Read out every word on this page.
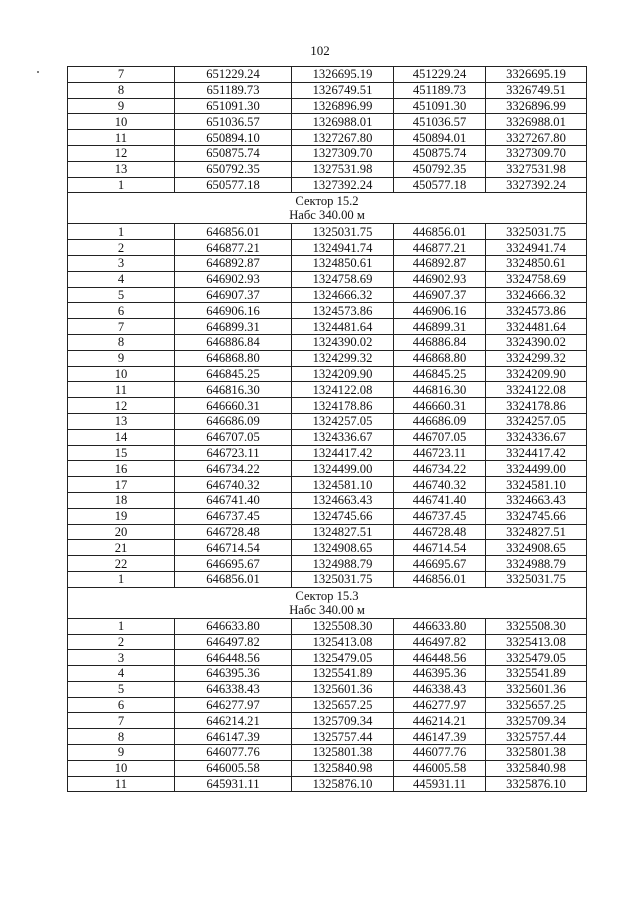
102
7	651229.24	1326695.19	451229.24	3326695.19
8	651189.73	1326749.51	451189.73	3326749.51
9	651091.30	1326896.99	451091.30	3326896.99
10	651036.57	1326988.01	451036.57	3326988.01
11	650894.10	1327267.80	450894.01	3327267.80
12	650875.74	1327309.70	450875.74	3327309.70
13	650792.35	1327531.98	450792.35	3327531.98
1	650577.18	1327392.24	450577.18	3327392.24

Сектор 15.2
Набс 340.00 м				

1	646856.01	1325031.75	446856.01	3325031.75
2	646877.21	1324941.74	446877.21	3324941.74
3	646892.87	1324850.61	446892.87	3324850.61
4	646902.93	1324758.69	446902.93	3324758.69
5	646907.37	1324666.32	446907.37	3324666.32
6	646906.16	1324573.86	446906.16	3324573.86
7	646899.31	1324481.64	446899.31	3324481.64
8	646886.84	1324390.02	446886.84	3324390.02
9	646868.80	1324299.32	446868.80	3324299.32
10	646845.25	1324209.90	446845.25	3324209.90
11	646816.30	1324122.08	446816.30	3324122.08
12	646660.31	1324178.86	446660.31	3324178.86
13	646686.09	1324257.05	446686.09	3324257.05
14	646707.05	1324336.67	446707.05	3324336.67
15	646723.11	1324417.42	446723.11	3324417.42
16	646734.22	1324499.00	446734.22	3324499.00
17	646740.32	1324581.10	446740.32	3324581.10
18	646741.40	1324663.43	446741.40	3324663.43
19	646737.45	1324745.66	446737.45	3324745.66
20	646728.48	1324827.51	446728.48	3324827.51
21	646714.54	1324908.65	446714.54	3324908.65
22	646695.67	1324988.79	446695.67	3324988.79
1	646856.01	1325031.75	446856.01	3325031.75

Сектор 15.3
Набс 340.00 м				

1	646633.80	1325508.30	446633.80	3325508.30
2	646497.82	1325413.08	446497.82	3325413.08
3	646448.56	1325479.05	446448.56	3325479.05
4	646395.36	1325541.89	446395.36	3325541.89
5	646338.43	1325601.36	446338.43	3325601.36
6	646277.97	1325657.25	446277.97	3325657.25
7	646214.21	1325709.34	446214.21	3325709.34
8	646147.39	1325757.44	446147.39	3325757.44
9	646077.76	1325801.38	446077.76	3325801.38
10	646005.58	1325840.98	446005.58	3325840.98
11	645931.11	1325876.10	445931.11	3325876.10
